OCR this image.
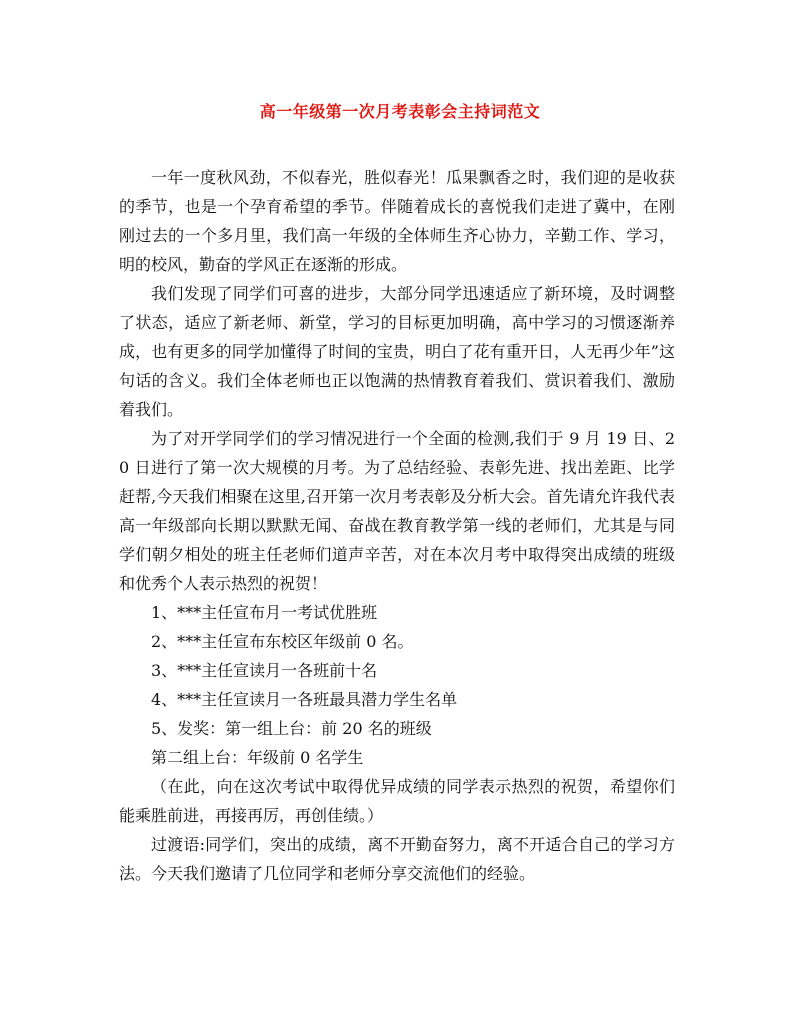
高一年级第一次月考表彰会主持词范文

一年一度秋风劲，不似春光，胜似春光！瓜果飘香之时，我们迎的是收获的季节，也是一个孕育希望的季节。伴随着成长的喜悦我们走进了冀中，在刚刚过去的一个多月里，我们高一年级的全体师生齐心协力，辛勤工作、学习，明的校风，勤奋的学风正在逐渐的形成。

我们发现了同学们可喜的进步，大部分同学迅速适应了新环境，及时调整了状态，适应了新老师、新堂，学习的目标更加明确，高中学习的习惯逐渐养成，也有更多的同学加懂得了时间的宝贵，明白了花有重开日，人无再少年”这句话的含义。我们全体老师也正以饱满的热情教育着我们、赏识着我们、激励着我们。

为了对开学同学们的学习情况进行一个全面的检测,我们于 9 月 19 日、20 日进行了第一次大规模的月考。为了总结经验、表彰先进、找出差距、比学赶帮,今天我们相聚在这里,召开第一次月考表彰及分析大会。首先请允许我代表高一年级部向长期以默默无闻、奋战在教育教学第一线的老师们，尤其是与同学们朝夕相处的班主任老师们道声辛苦，对在本次月考中取得突出成绩的班级和优秀个人表示热烈的祝贺！

1、***主任宣布月一考试优胜班

2、***主任宣布东校区年级前 0 名。

3、***主任宣读月一各班前十名

4、***主任宣读月一各班最具潜力学生名单

5、发奖：第一组上台：前 20 名的班级

第二组上台：年级前 0 名学生

（在此，向在这次考试中取得优异成绩的同学表示热烈的祝贺，希望你们能乘胜前进，再接再厉，再创佳绩。）

过渡语:同学们，突出的成绩，离不开勤奋努力，离不开适合自己的学习方法。今天我们邀请了几位同学和老师分享交流他们的经验。
